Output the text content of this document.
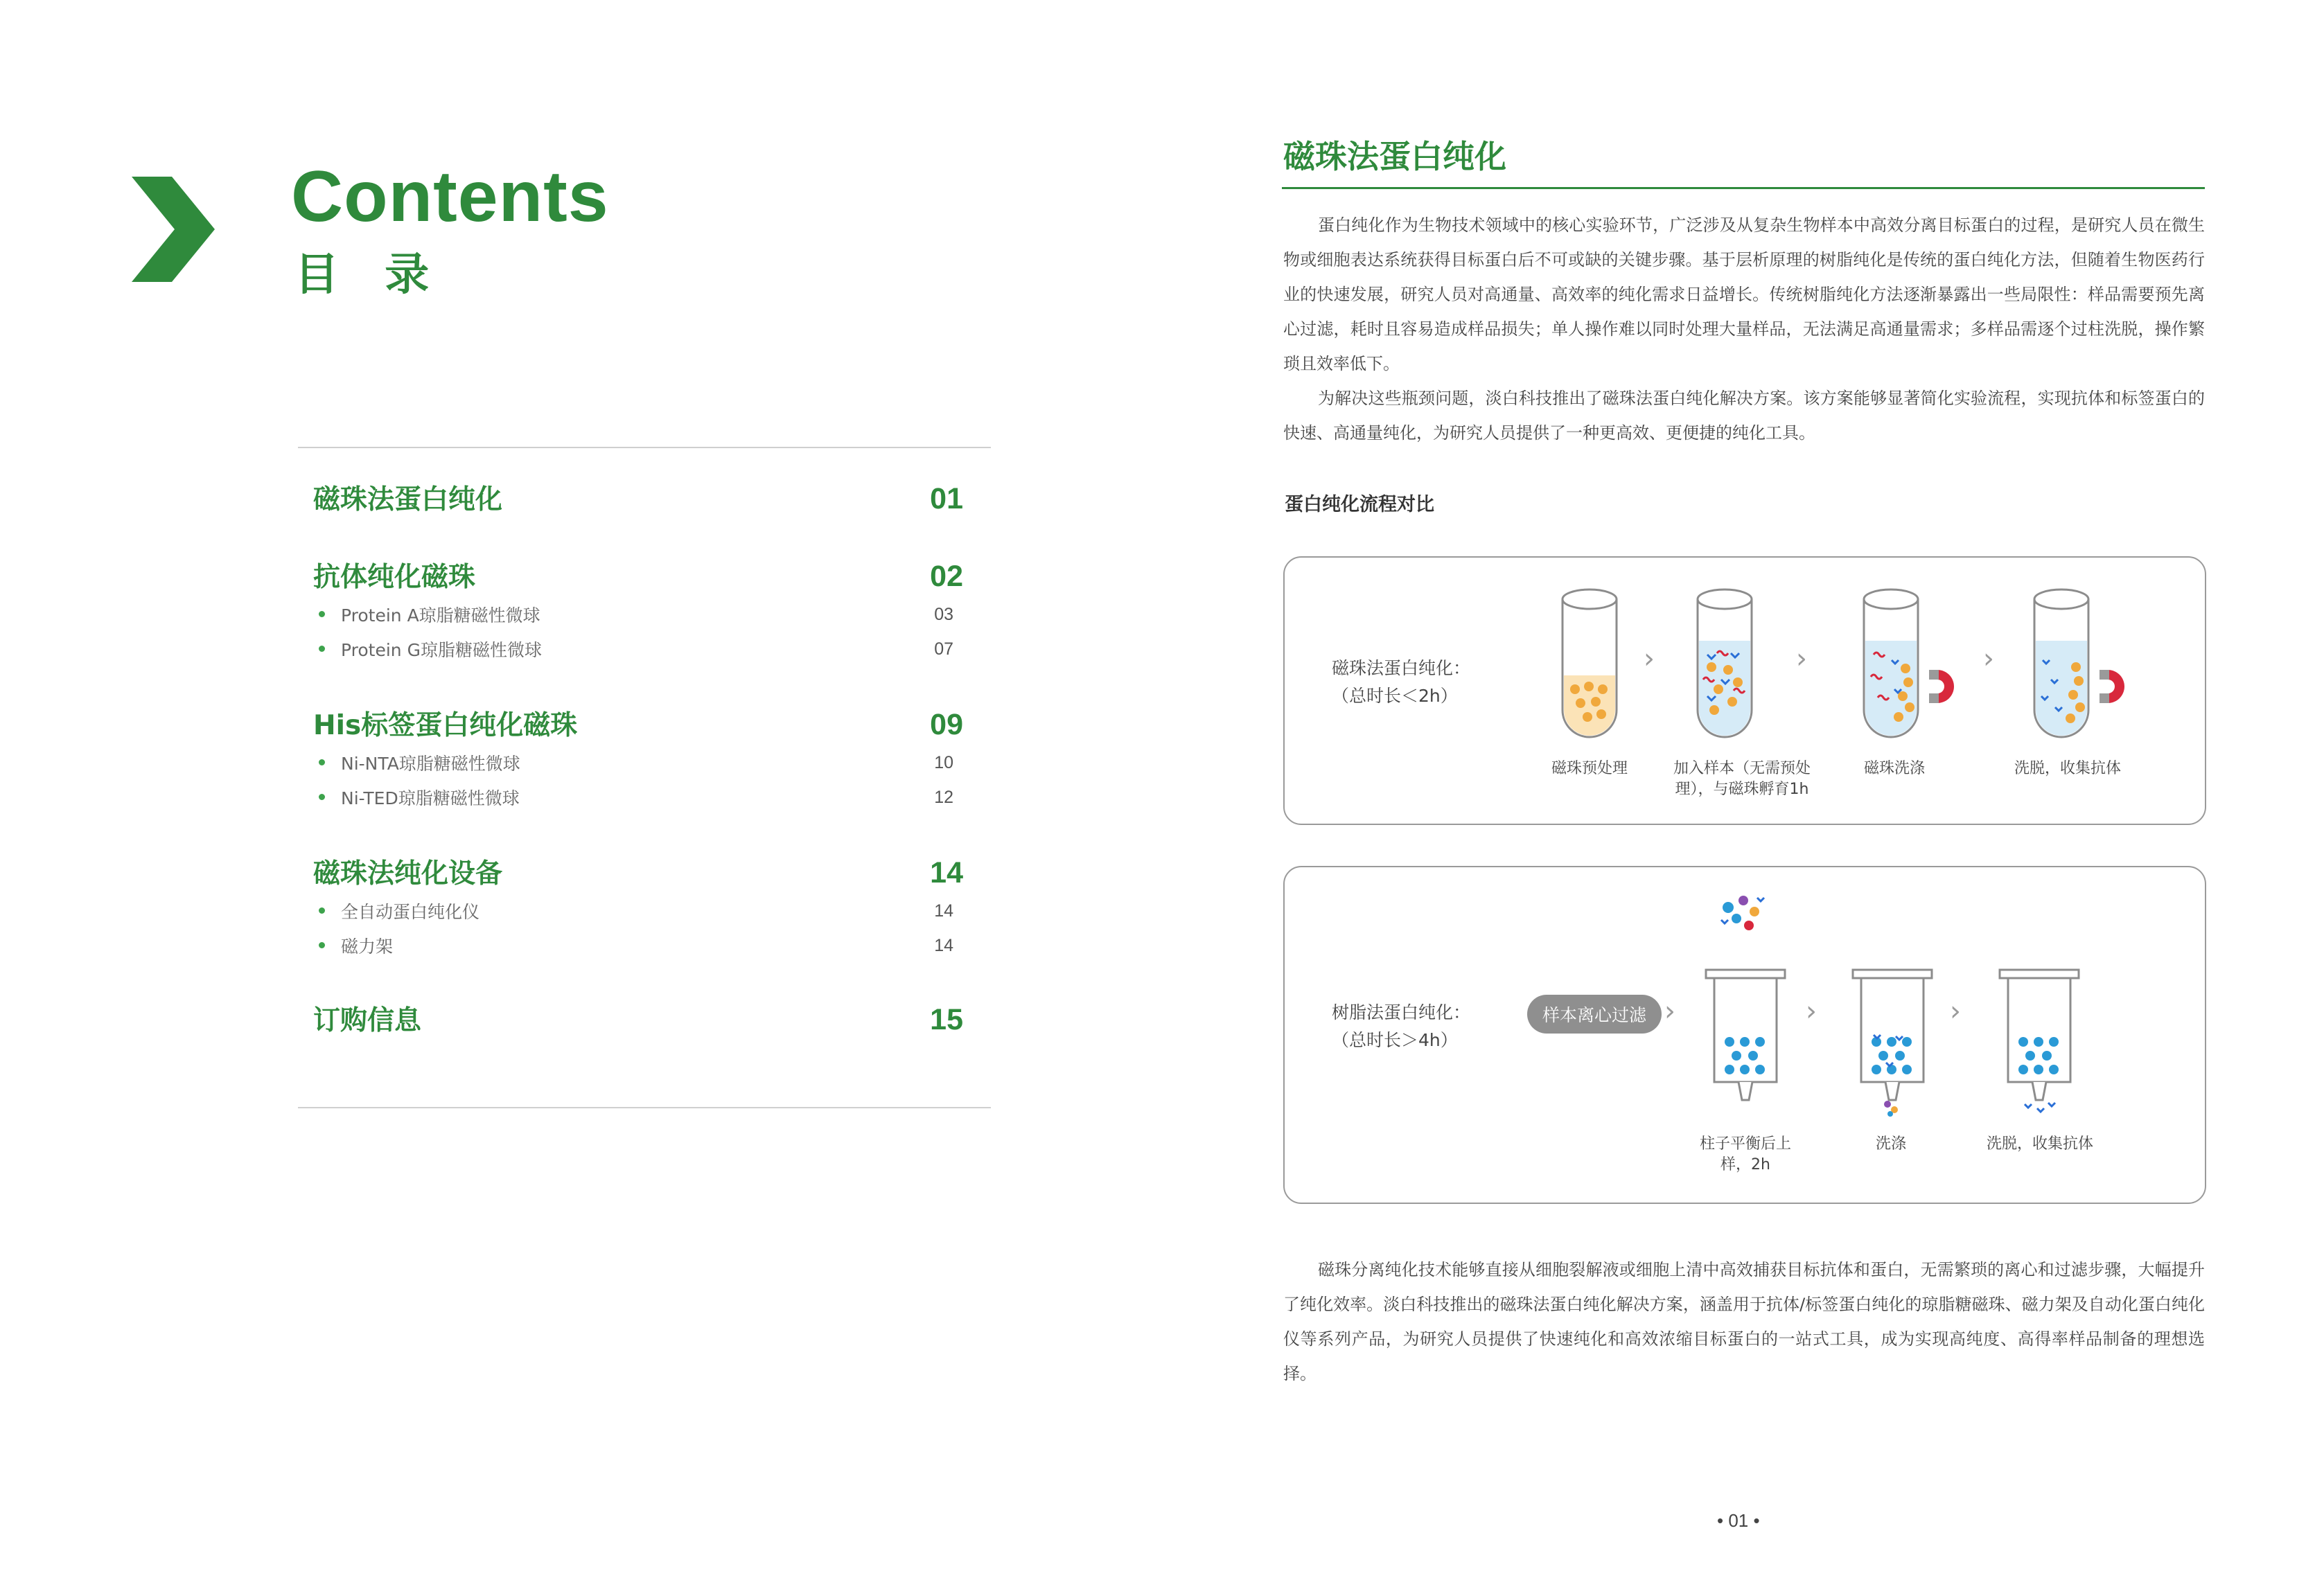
Contents
目 录
磁珠法蛋白纯化	01
抗体纯化磁珠	02
Protein A琼脂糖磁性微球	03
Protein G琼脂糖磁性微球	07
His标签蛋白纯化磁珠	09
Ni-NTA琼脂糖磁性微球	10
Ni-TED琼脂糖磁性微球	12
磁珠法纯化设备	14
全自动蛋白纯化仪	14
磁力架	14
订购信息	15
磁珠法蛋白纯化

蛋白纯化作为生物技术领域中的核心实验环节，广泛涉及从复杂生物样本中高效分离目标蛋白的过程，是研究人员在微生物或细胞表达系统获得目标蛋白后不可或缺的关键步骤。基于层析原理的树脂纯化是传统的蛋白纯化方法，但随着生物医药行业的快速发展，研究人员对高通量、高效率的纯化需求日益增长。传统树脂纯化方法逐渐暴露出一些局限性：样品需要预先离心过滤，耗时且容易造成样品损失；单人操作难以同时处理大量样品，无法满足高通量需求；多样品需逐个过柱洗脱，操作繁琐且效率低下。

为解决这些瓶颈问题，淡白科技推出了磁珠法蛋白纯化解决方案。该方案能够显著简化实验流程，实现抗体和标签蛋白的快速、高通量纯化，为研究人员提供了一种更高效、更便捷的纯化工具。

蛋白纯化流程对比
磁珠法蛋白纯化：
（总时长＜2h）
›	›	›
磁珠预处理	加入样本（无需预处理），与磁珠孵育1h
磁珠洗涤	洗脱，收集抗体
树脂法蛋白纯化：
（总时长＞4h）
样本离心过滤 ›	›	›
柱子平衡后上样，2h
洗涤	洗脱，收集抗体

磁珠分离纯化技术能够直接从细胞裂解液或细胞上清中高效捕获目标抗体和蛋白，无需繁琐的离心和过滤步骤，大幅提升了纯化效率。淡白科技推出的磁珠法蛋白纯化解决方案，涵盖用于抗体/标签蛋白纯化的琼脂糖磁珠、磁力架及自动化蛋白纯化仪等系列产品，为研究人员提供了快速纯化和高效浓缩目标蛋白的一站式工具，成为实现高纯度、高得率样品制备的理想选择。

• 01 •
